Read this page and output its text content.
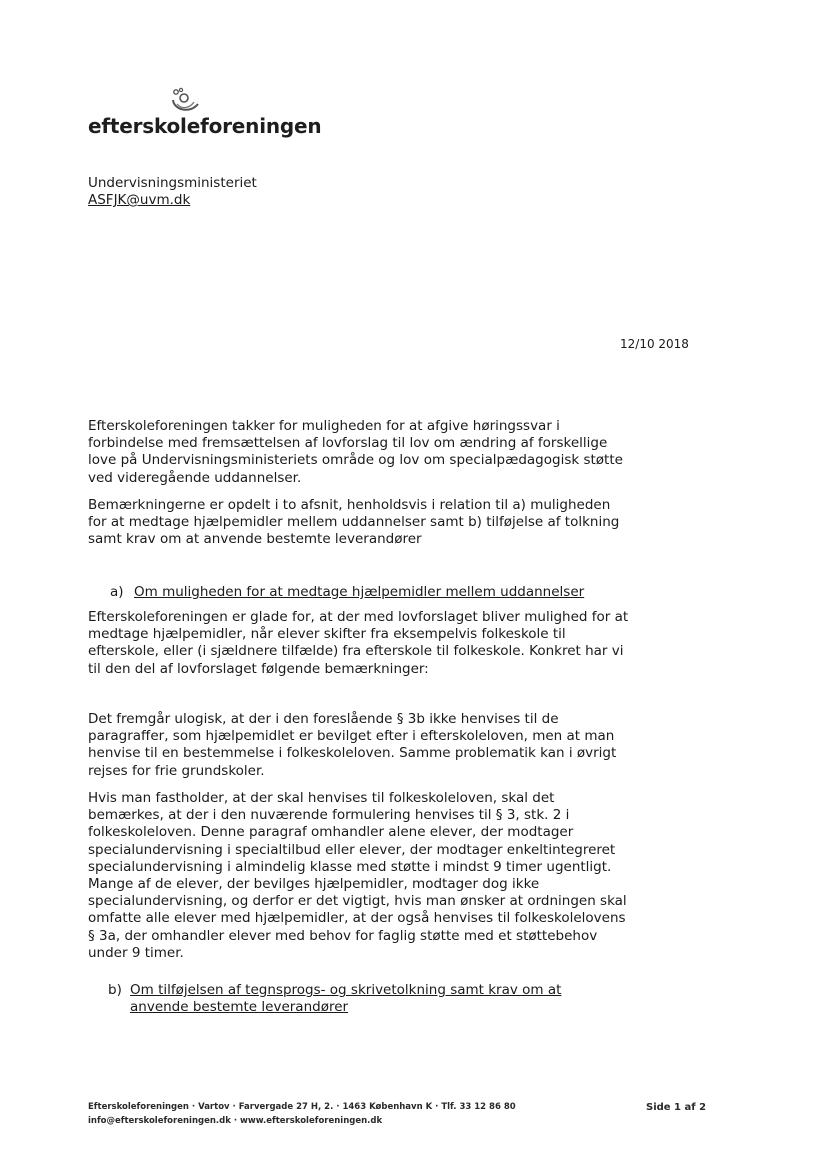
efterskoleforeningen
Undervisningsministeriet
ASFJK@uvm.dk
12/10 2018

Efterskoleforeningen takker for muligheden for at afgive høringssvar i forbindelse med fremsættelsen af lovforslag til lov om ændring af forskellige love på Undervisningsministeriets område og lov om specialpædagogisk støtte ved videregående uddannelser.

Bemærkningerne er opdelt i to afsnit, henholdsvis i relation til a) muligheden for at medtage hjælpemidler mellem uddannelser samt b) tilføjelse af tolkning samt krav om at anvende bestemte leverandører

a) Om muligheden for at medtage hjælpemidler mellem uddannelser

Efterskoleforeningen er glade for, at der med lovforslaget bliver mulighed for at medtage hjælpemidler, når elever skifter fra eksempelvis folkeskole til efterskole, eller (i sjældnere tilfælde) fra efterskole til folkeskole. Konkret har vi til den del af lovforslaget følgende bemærkninger:

Det fremgår ulogisk, at der i den foreslående § 3b ikke henvises til de paragraffer, som hjælpemidlet er bevilget efter i efterskoleloven, men at man henvise til en bestemmelse i folkeskoleloven. Samme problematik kan i øvrigt rejses for frie grundskoler.

Hvis man fastholder, at der skal henvises til folkeskoleloven, skal det bemærkes, at der i den nuværende formulering henvises til § 3, stk. 2 i folkeskoleloven. Denne paragraf omhandler alene elever, der modtager specialundervisning i specialtilbud eller elever, der modtager enkeltintegreret specialundervisning i almindelig klasse med støtte i mindst 9 timer ugentligt. Mange af de elever, der bevilges hjælpemidler, modtager dog ikke specialundervisning, og derfor er det vigtigt, hvis man ønsker at ordningen skal omfatte alle elever med hjælpemidler, at der også henvises til folkeskolelovens § 3a, der omhandler elever med behov for faglig støtte med et støttebehov under 9 timer.

b) Om tilføjelsen af tegnsprogs- og skrivetolkning samt krav om at anvende bestemte leverandører
Efterskoleforeningen · Vartov · Farvergade 27 H, 2. · 1463 København K · Tlf. 33 12 86 80
info@efterskoleforeningen.dk · www.efterskoleforeningen.dk
Side 1 af 2
